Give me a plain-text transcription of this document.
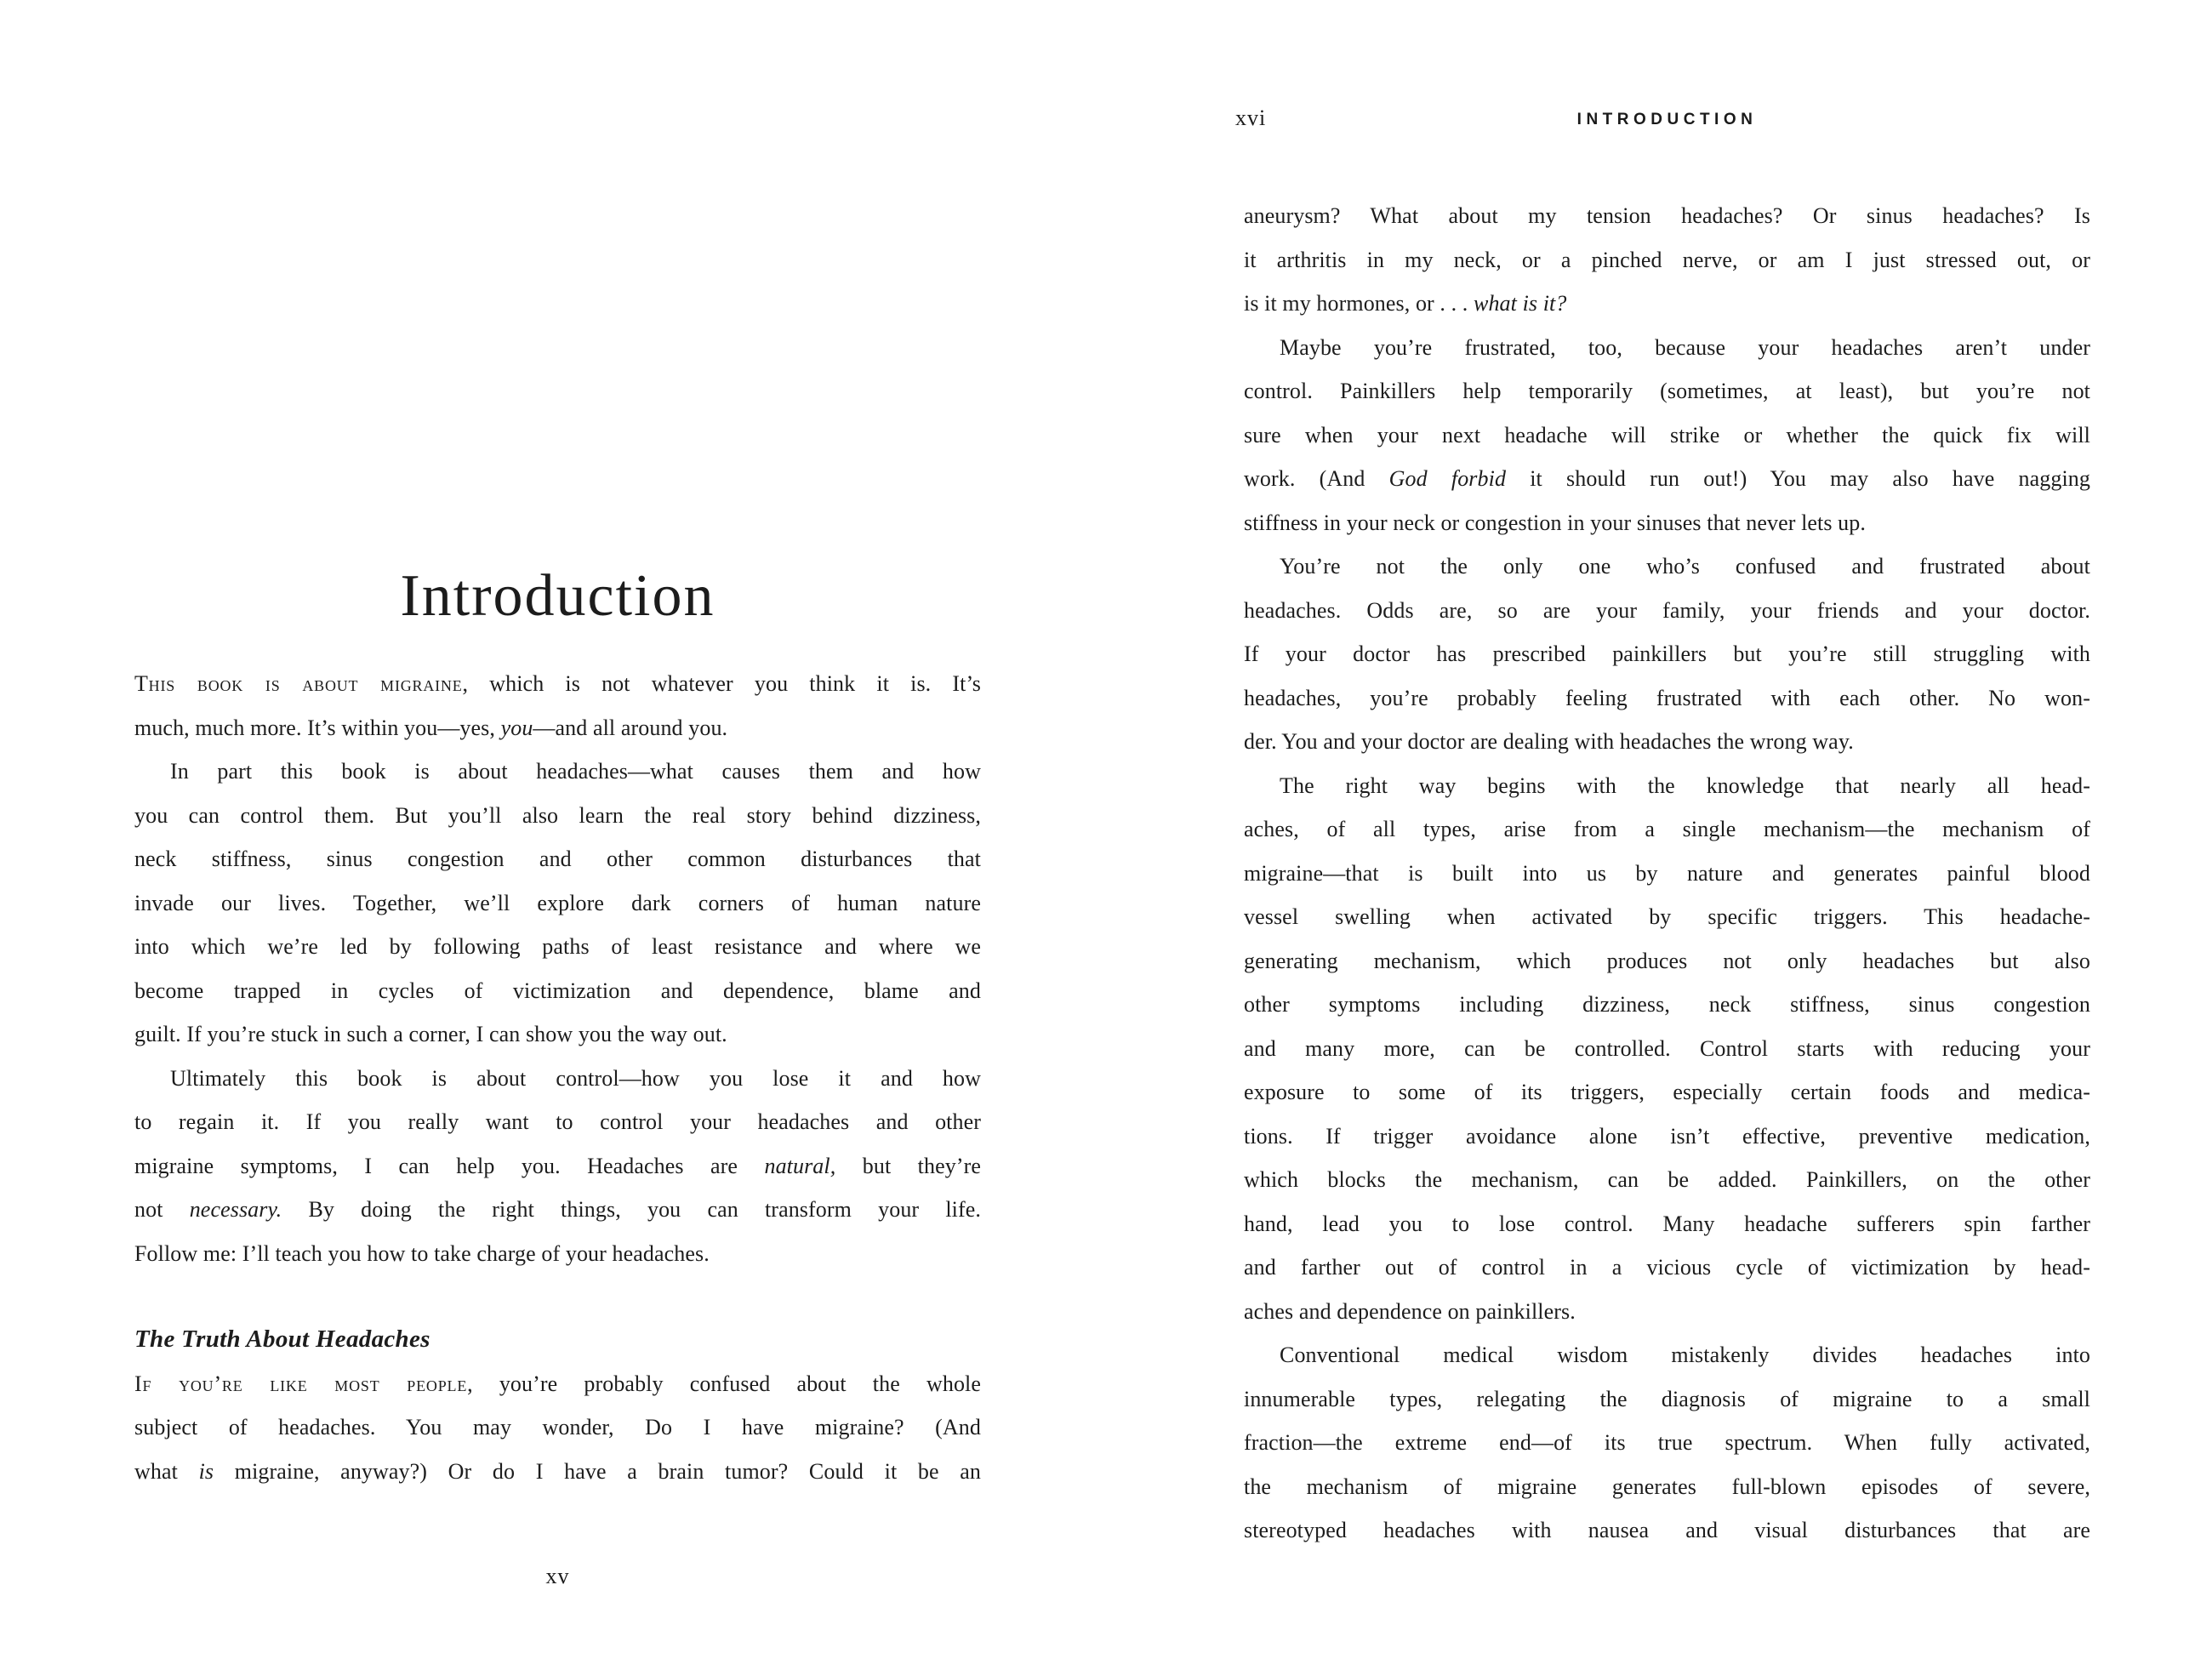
Introduction
This book is about migraine, which is not whatever you think it is. It’s
much, much more. It’s within you—yes, you—and all around you.
In part this book is about headaches—what causes them and how
you can control them. But you’ll also learn the real story behind dizziness,
neck stiffness, sinus congestion and other common disturbances that
invade our lives. Together, we’ll explore dark corners of human nature
into which we’re led by following paths of least resistance and where we
become trapped in cycles of victimization and dependence, blame and
guilt. If you’re stuck in such a corner, I can show you the way out.
Ultimately this book is about control—how you lose it and how
to regain it. If you really want to control your headaches and other
migraine symptoms, I can help you. Headaches are natural, but they’re
not necessary. By doing the right things, you can transform your life.
Follow me: I’ll teach you how to take charge of your headaches.
The Truth About Headaches
If you’re like most people, you’re probably confused about the whole
subject of headaches. You may wonder, Do I have migraine? (And
what is migraine, anyway?) Or do I have a brain tumor? Could it be an
xv
xvi	INTRODUCTION
aneurysm? What about my tension headaches? Or sinus headaches? Is
it arthritis in my neck, or a pinched nerve, or am I just stressed out, or
is it my hormones, or . . . what is it?
Maybe you’re frustrated, too, because your headaches aren’t under
control. Painkillers help temporarily (sometimes, at least), but you’re not
sure when your next headache will strike or whether the quick fix will
work. (And God forbid it should run out!) You may also have nagging
stiffness in your neck or congestion in your sinuses that never lets up.
You’re not the only one who’s confused and frustrated about
headaches. Odds are, so are your family, your friends and your doctor.
If your doctor has prescribed painkillers but you’re still struggling with
headaches, you’re probably feeling frustrated with each other. No won-
der. You and your doctor are dealing with headaches the wrong way.
The right way begins with the knowledge that nearly all head-
aches, of all types, arise from a single mechanism—the mechanism of
migraine—that is built into us by nature and generates painful blood
vessel swelling when activated by specific triggers. This headache-
generating mechanism, which produces not only headaches but also
other symptoms including dizziness, neck stiffness, sinus congestion
and many more, can be controlled. Control starts with reducing your
exposure to some of its triggers, especially certain foods and medica-
tions. If trigger avoidance alone isn’t effective, preventive medication,
which blocks the mechanism, can be added. Painkillers, on the other
hand, lead you to lose control. Many headache sufferers spin farther
and farther out of control in a vicious cycle of victimization by head-
aches and dependence on painkillers.
Conventional medical wisdom mistakenly divides headaches into
innumerable types, relegating the diagnosis of migraine to a small
fraction—the extreme end—of its true spectrum. When fully activated,
the mechanism of migraine generates full-blown episodes of severe,
stereotyped headaches with nausea and visual disturbances that are
